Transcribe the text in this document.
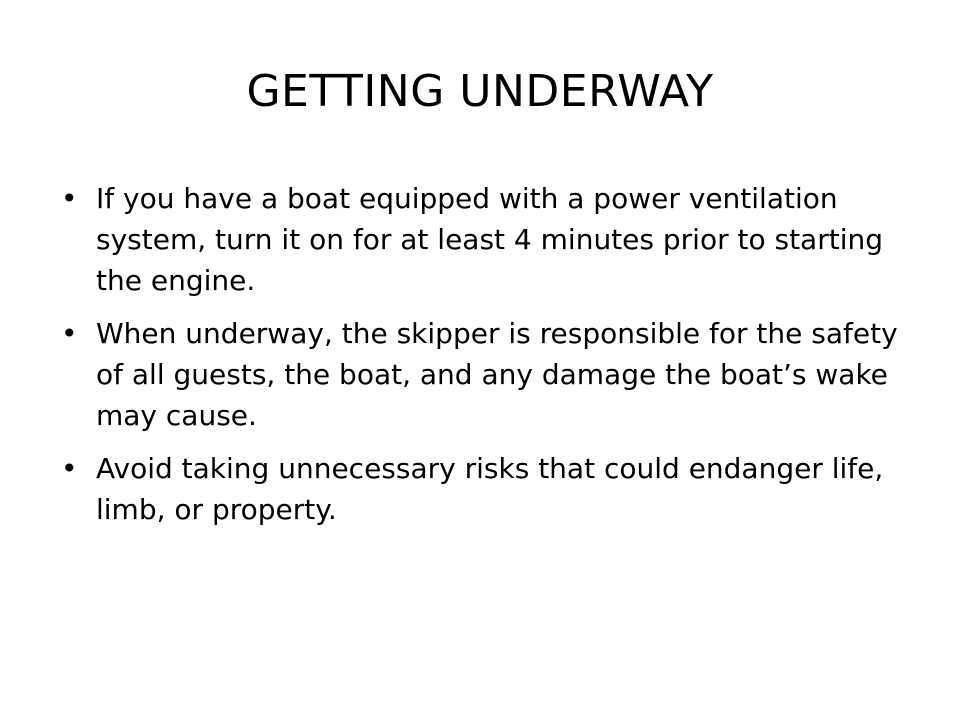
GETTING UNDERWAY
• If you have a boat equipped with a power ventilation system, turn it on for at least 4 minutes prior to starting the engine.
• When underway, the skipper is responsible for the safety of all guests, the boat, and any damage the boat’s wake may cause.
• Avoid taking unnecessary risks that could endanger life, limb, or property.
